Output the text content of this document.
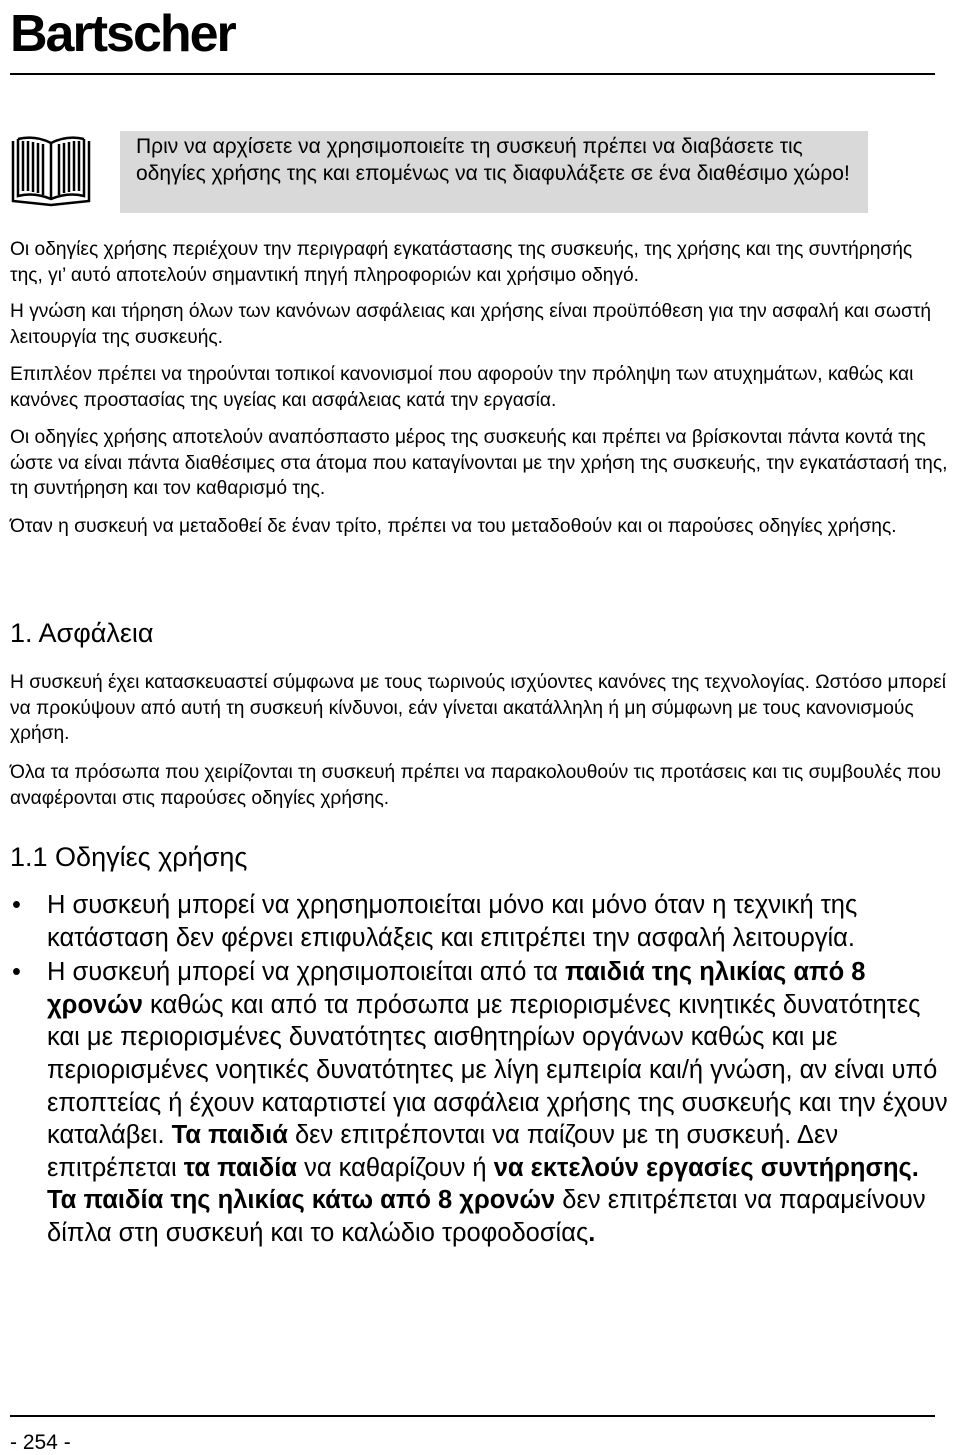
Bartscher
Πριν να αρχίσετε να χρησιμοποιείτε τη συσκευή πρέπει να διαβάσετε τις οδηγίες χρήσης της και επομένως να τις διαφυλάξετε σε ένα διαθέσιμο χώρο!

Οι οδηγίες χρήσης περιέχουν την περιγραφή εγκατάστασης της συσκευής, της χρήσης και της συντήρησής της, γι’ αυτό αποτελούν σημαντική πηγή πληροφοριών και χρήσιμο οδηγό.

Η γνώση και τήρηση όλων των κανόνων ασφάλειας και χρήσης είναι προϋπόθεση για την ασφαλή και σωστή λειτουργία της συσκευής.

Επιπλέον πρέπει να τηρούνται τοπικοί κανονισμοί που αφορούν την πρόληψη των ατυχημάτων, καθώς και κανόνες προστασίας της υγείας και ασφάλειας κατά την εργασία.

Οι οδηγίες χρήσης αποτελούν αναπόσπαστο μέρος της συσκευής και πρέπει να βρίσκονται πάντα κοντά της ώστε να είναι πάντα διαθέσιμες στα άτομα που καταγίνονται με την χρήση της συσκευής, την εγκατάστασή της, τη συντήρηση και τον καθαρισμό της.

Όταν η συσκευή να μεταδοθεί δε έναν τρίτο, πρέπει να του μεταδοθούν και οι παρούσες οδηγίες χρήσης.

1. Ασφάλεια

Η συσκευή έχει κατασκευαστεί σύμφωνα με τους τωρινούς ισχύοντες κανόνες της τεχνολογίας. Ωστόσο μπορεί να προκύψουν από αυτή τη συσκευή κίνδυνοι, εάν γίνεται ακατάλληλη ή μη σύμφωνη με τους κανονισμούς χρήση.

Όλα τα πρόσωπα που χειρίζονται τη συσκευή πρέπει να παρακολουθούν τις προτάσεις και τις συμβουλές που αναφέρονται στις παρούσες οδηγίες χρήσης.

1.1 Οδηγίες χρήσης
• Η συσκευή μπορεί να χρησημοποιείται μόνο και μόνο όταν η τεχνική της κατάσταση δεν φέρνει επιφυλάξεις και επιτρέπει την ασφαλή λειτουργία.
• Η συσκευή μπορεί να χρησιμοποιείται από τα παιδιά της ηλικίας από 8 χρονών καθώς και από τα πρόσωπα με περιορισμένες κινητικές δυνατότητες και με περιορισμένες δυνατότητες αισθητηρίων οργάνων καθώς και με περιορισμένες νοητικές δυνατότητες με λίγη εμπειρία και/ή γνώση, αν είναι υπό εποπτείας ή έχουν καταρτιστεί για ασφάλεια χρήσης της συσκευής και την έχουν καταλάβει. Τα παιδιά δεν επιτρέπονται να παίζουν με τη συσκευή. Δεν επιτρέπεται τα παιδία να καθαρίζουν ή να εκτελούν εργασίες συντήρησης. Τα παιδία της ηλικίας κάτω από 8 χρονών δεν επιτρέπεται να παραμείνουν δίπλα στη συσκευή και το καλώδιο τροφοδοσίας.
- 254 -
